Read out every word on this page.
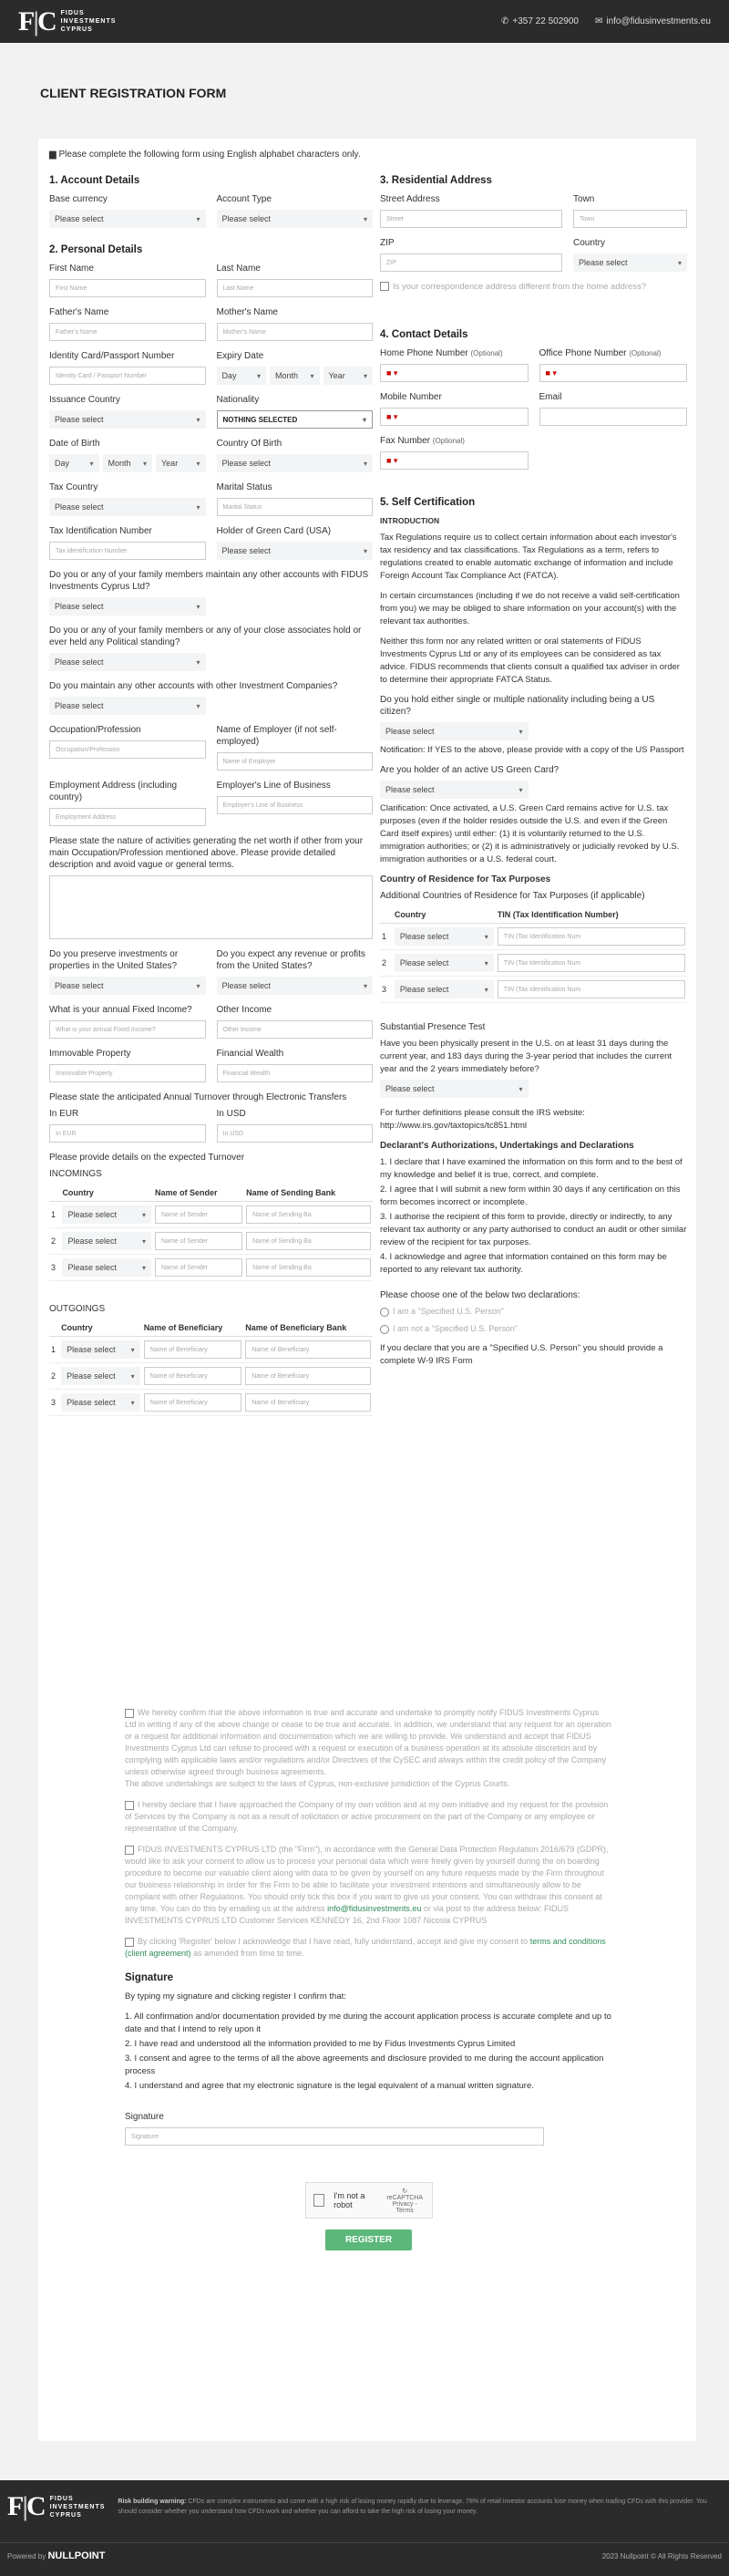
F|C FIDUS
INVESTMENTS
CYPRUS
✆ +357 22 502900 ✉ info@fidusinvestments.eu
CLIENT REGISTRATION FORM
▆ Please complete the following form using English alphabet characters only.
1. Account Details
Base currency
Please select
▾
Account Type
Please select
▾
2. Personal Details
First Name
First Name
Last Name
Last Name
Father's Name
Father's Name
Mother's Name
Mother's Name
Identity Card/Passport Number
Identity Card / Passport Number
Expiry Date
Day
▾	Month
▾	Year
▾
Issuance Country
Please select
▾
Nationality
NOTHING SELECTED
▾
Date of Birth
Day
▾	Month
▾	Year
▾
Country Of Birth
Please select
▾
Tax Country
Please select
▾
Marital Status
Marital Status
Tax Identification Number
Tax identification Number
Holder of Green Card (USA)
Please select
▾
Do you or any of your family members maintain any other accounts with FIDUS Investments Cyprus Ltd?
Please select
▾
Do you or any of your family members or any of your close associates hold or ever held any Political standing?
Please select
▾
Do you maintain any other accounts with other Investment Companies?
Please select
▾
Occupation/Profession
Occupation/Profession
Name of Employer (if not self-employed)
Name of Employer
Employment Address (including country)
Employment Address
Employer's Line of Business
Employer's Line of Business
Please state the nature of activities generating the net worth if other from your main Occupation/Profession mentioned above. Please provide detailed description and avoid vague or general terms.
Do you preserve investments or properties in the United States?
Please select
▾
Do you expect any revenue or profits from the United States?
Please select
▾
What is your annual Fixed Income?
What is your annual Fixed Income?
Other Income
Other Income
Immovable Property
Immovable Property
Financial Wealth
Financial Wealth
Please state the anticipated Annual Turnover through Electronic Transfers
In EUR
In EUR
In USD
In USD
Please provide details on the expected Turnover
INCOMINGS
	Country	Name of Sender	Name of Sending Bank
1	Please select
▾	Name of Sender	Name of Sending Ba

2	Please select
▾	Name of Sender	Name of Sending Ba

3	Please select
▾	Name of Sender	Name of Sending Ba
OUTGOINGS
	Country	Name of Beneficiary	Name of Beneficiary Bank
1	Please select
▾	Name of Beneficiary	Name of Beneficiary

2	Please select
▾	Name of Beneficiary	Name of Beneficiary

3	Please select
▾	Name of Beneficiary	Name of Beneficiary
3. Residential Address
Street Address
Street
Town
Town
ZIP
ZIP
Country
Please select
▾
Is your correspondence address different from the home address?
4. Contact Details
Home Phone Number (Optional)
■ ▾
Office Phone Number (Optional)
■ ▾
Mobile Number
■ ▾
Email
Fax Number (Optional)
■ ▾
5. Self Certification
INTRODUCTION

Tax Regulations require us to collect certain information about each investor's tax residency and tax classifications. Tax Regulations as a term, refers to regulations created to enable automatic exchange of information and include Foreign Account Tax Compliance Act (FATCA).

In certain circumstances (including if we do not receive a valid self-certification from you) we may be obliged to share information on your account(s) with the relevant tax authorities.

Neither this form nor any related written or oral statements of FIDUS Investments Cyprus Ltd or any of its employees can be considered as tax advice. FIDUS recommends that clients consult a qualified tax adviser in order to determine their appropriate FATCA Status.

Do you hold either single or multiple nationality including being a US citizen?
Please select
▾

Notification: If YES to the above, please provide with a copy of the US Passport

Are you holder of an active US Green Card?
Please select
▾

Clarification: Once activated, a U.S. Green Card remains active for U.S. tax purposes (even if the holder resides outside the U.S. and even if the Green Card itself expires) until either: (1) it is voluntarily returned to the U.S. immigration authorities; or (2) it is administratively or judicially revoked by U.S. immigration authorities or a U.S. federal court.

Country of Residence for Tax Purposes
Additional Countries of Residence for Tax Purposes (if applicable)
	Country	TIN (Tax Identification Number)
1	Please select
▾	TIN (Tax Identification Num

2	Please select
▾	TIN (Tax Identification Num

3	Please select
▾	TIN (Tax Identification Num
Substantial Presence Test

Have you been physically present in the U.S. on at least 31 days during the current year, and 183 days during the 3-year period that includes the current year and the 2 years immediately before?

Please select
▾

For further definitions please consult the IRS website:

http://www.irs.gov/taxtopics/tc851.html

Declarant's Authorizations, Undertakings and Declarations

1. I declare that I have examined the information on this form and to the best of my knowledge and belief it is true, correct, and complete.

2. I agree that I will submit a new form within 30 days if any certification on this form becomes incorrect or incomplete.

3. I authorise the recipient of this form to provide, directly or indirectly, to any relevant tax authority or any party authorised to conduct an audit or other similar review of the recipient for tax purposes.

4. I acknowledge and agree that information contained on this form may be reported to any relevant tax authority.

Please choose one of the below two declarations:
I am a "Specified U.S. Person"
I am not a "Specified U.S. Person"

If you declare that you are a "Specified U.S. Person" you should provide a complete W-9 IRS Form

We hereby confirm that the above information is true and accurate and undertake to promptly notify FIDUS Investments Cyprus Ltd in writing if any of the above change or cease to be true and accurate. In addition, we understand that any request for an operation or a request for additional information and documentation which we are willing to provide. We understand and accept that FIDUS Investments Cyprus Ltd can refuse to proceed with a request or execution of a business operation at its absolute discretion and by complying with applicable laws and/or regulations and/or Directives of the CySEC and always within the credit policy of the Company unless otherwise agreed through business agreements.
The above undertakings are subject to the laws of Cyprus, non-exclusive jurisdiction of the Cyprus Courts.
I hereby declare that I have approached the Company of my own volition and at my own initiative and my request for the provision of Services by the Company is not as a result of solicitation or active procurement on the part of the Company or any employee or representative of the Company.
FIDUS INVESTMENTS CYPRUS LTD (the "Firm"), in accordance with the General Data Protection Regulation 2016/679 (GDPR), would like to ask your consent to allow us to process your personal data which were freely given by yourself during the on boarding procedure to become our valuable client along with data to be given by yourself on any future requests made by the Firm throughout our business relationship in order for the Firm to be able to facilitate your investment intentions and simultaneously allow to be compliant with other Regulations. You should only tick this box if you want to give us your consent. You can withdraw this consent at any time. You can do this by emailing us at the address info@fidusinvestments.eu or via post to the address below: FIDUS INVESTMENTS CYPRUS LTD Customer Services KENNEDY 16, 2nd Floor 1087 Nicosia CYPRUS
By clicking 'Register' below I acknowledge that I have read, fully understand, accept and give my consent to terms and conditions (client agreement) as amended from time to time.
Signature

By typing my signature and clicking register I confirm that:

1. All confirmation and/or documentation provided by me during the account application process is accurate complete and up to date and that I intend to rely upon it

2. I have read and understood all the information provided to me by Fidus Investments Cyprus Limited

3. I consent and agree to the terms of all the above agreements and disclosure provided to me during the account application process

4. I understand and agree that my electronic signature is the legal equivalent of a manual written signature.

Signature
Signature
I'm not a robot
↻
reCAPTCHA
Privacy - Terms
REGISTER
F|C FIDUS
INVESTMENTS
CYPRUS
Risk building warning: CFDs are complex instruments and come with a high risk of losing money rapidly due to leverage. 78% of retail investor accounts lose money when trading CFDs with this provider. You should consider whether you understand how CFDs work and whether you can afford to take the high risk of losing your money.
Powered by NULLPOINT	2023 Nullpoint © All Rights Reserved
